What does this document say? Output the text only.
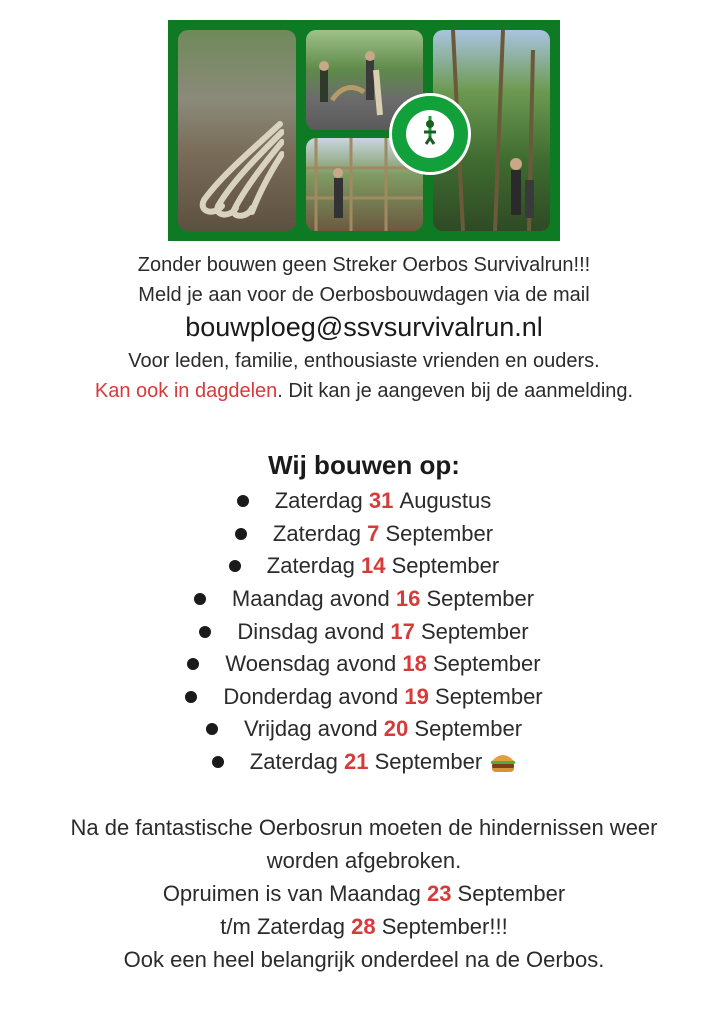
Zonder bouwen geen Streker Oerbos Survivalrun!!!
Meld je aan voor de Oerbosbouwdagen via de mail
bouwploeg@ssvsurvivalrun.nl
Voor leden, familie, enthousiaste vrienden en ouders.
Kan ook in dagdelen. Dit kan je aangeven bij de aanmelding.
Wij bouwen op:
Zaterdag
31
Augustus
Zaterdag
7
September
Zaterdag
14
September
Maandag avond
16
September
Dinsdag avond
17
September
Woensdag avond
18
September
Donderdag avond
19
September
Vrijdag avond
20
September
Zaterdag
21
September
Na de fantastische Oerbosrun moeten de hindernissen weer
worden afgebroken.
Opruimen is van Maandag 23 September
t/m Zaterdag 28 September!!!
Ook een heel belangrijk onderdeel na de Oerbos.
